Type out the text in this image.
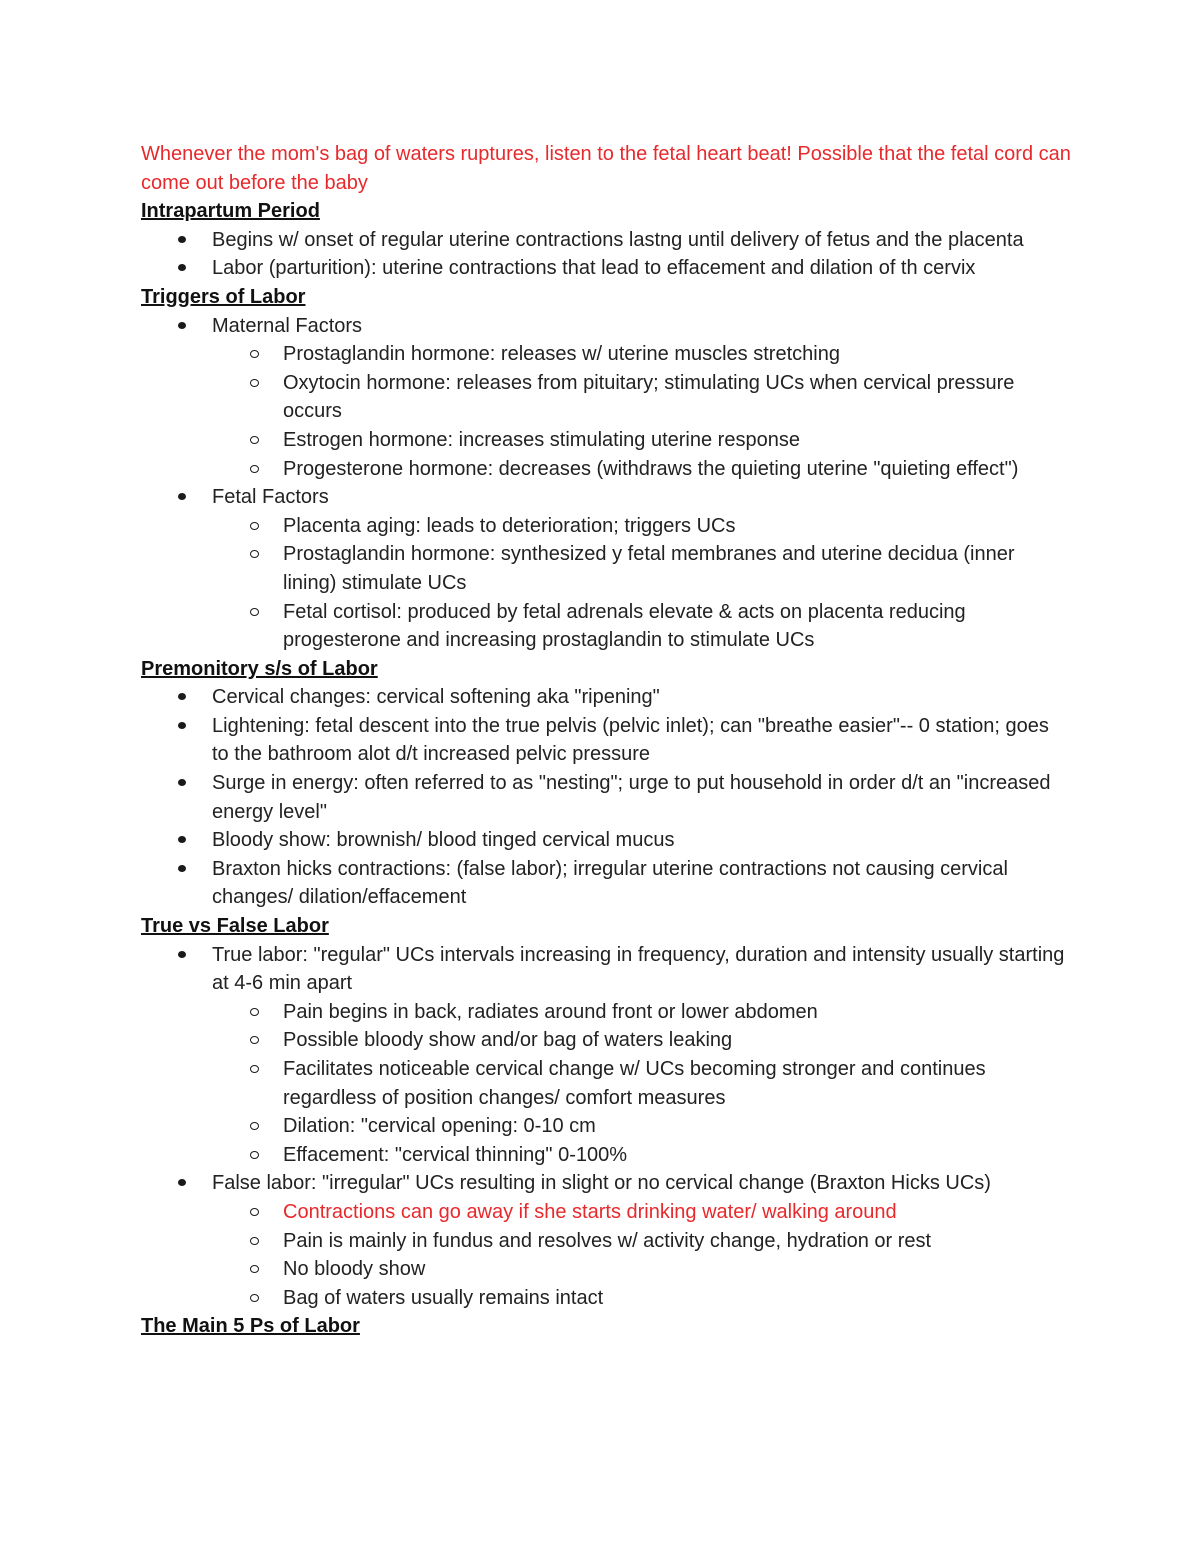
Whenever the mom's bag of waters ruptures, listen to the fetal heart beat! Possible that the fetal cord can come out before the baby
Intrapartum Period
Begins w/ onset of regular uterine contractions lastng until delivery of fetus and the placenta
Labor (parturition): uterine contractions that lead to effacement and dilation of th cervix
Triggers of Labor
Maternal Factors
Prostaglandin hormone: releases w/ uterine muscles stretching
Oxytocin hormone: releases from pituitary; stimulating UCs when cervical pressure occurs
Estrogen hormone: increases stimulating uterine response
Progesterone hormone: decreases (withdraws the quieting uterine "quieting effect")
Fetal Factors
Placenta aging: leads to deterioration; triggers UCs
Prostaglandin hormone: synthesized y fetal membranes and uterine decidua (inner lining) stimulate UCs
Fetal cortisol: produced by fetal adrenals elevate & acts on placenta reducing progesterone and increasing prostaglandin to stimulate UCs
Premonitory s/s of Labor
Cervical changes: cervical softening aka "ripening"
Lightening: fetal descent into the true pelvis (pelvic inlet); can "breathe easier"-- 0 station; goes to the bathroom alot d/t increased pelvic pressure
Surge in energy: often referred to as "nesting"; urge to put household in order d/t an "increased energy level"
Bloody show: brownish/ blood tinged cervical mucus
Braxton hicks contractions: (false labor); irregular uterine contractions not causing cervical changes/ dilation/effacement
True vs False Labor
True labor: "regular" UCs intervals increasing in frequency, duration and intensity usually starting at 4-6 min apart
Pain begins in back, radiates around front or lower abdomen
Possible bloody show and/or bag of waters leaking
Facilitates noticeable cervical change w/ UCs becoming stronger and continues regardless of position changes/ comfort measures
Dilation: "cervical opening: 0-10 cm
Effacement: "cervical thinning" 0-100%
False labor: "irregular" UCs resulting in slight or no cervical change (Braxton Hicks UCs)
Contractions can go away if she starts drinking water/ walking around
Pain is mainly in fundus and resolves w/ activity change, hydration or rest
No bloody show
Bag of waters usually remains intact
The Main 5 Ps of Labor
